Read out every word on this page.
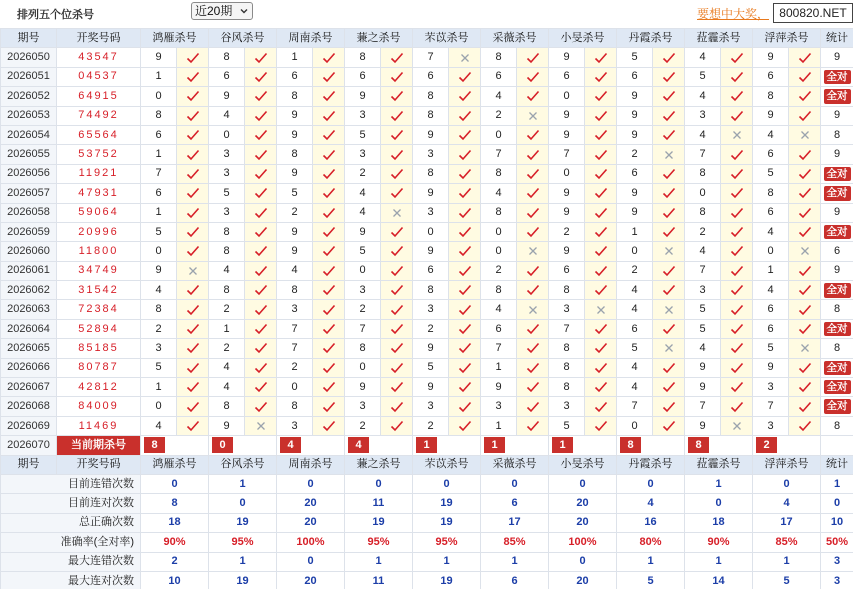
排列五个位杀号	近20期	要想中大奖， 800820.NET
期号	开奖号码	鸿雁杀号		谷风杀号		周南杀号		蒹之杀号		芣苡杀号		采薇杀号		小旻杀号		丹霞杀号		菈霾杀号		浮萍杀号		统计
2026050	43547	9		8		1		8		7		8		9		5		4		9		9
2026051	04537	1		6		6		6		6		6		6		6		5		6		全对
2026052	64915	0		9		8		9		8		4		0		9		4		8		全对
2026053	74492	8		4		9		3		8		2		9		9		3		9		9
2026054	65564	6		0		9		5		9		0		9		9		4		4		8
2026055	53752	1		3		8		3		3		7		7		2		7		6		9
2026056	11921	7		3		9		2		8		8		0		6		8		5		全对
2026057	47931	6		5		5		4		9		4		9		9		0		8		全对
2026058	59064	1		3		2		4		3		8		9		9		8		6		9
2026059	20996	5		8		9		9		0		0		2		1		2		4		全对
2026060	11800	0		8		9		5		9		0		9		0		4		0		6
2026061	34749	9		4		4		0		6		2		6		2		7		1		9
2026062	31542	4		8		8		3		8		8		8		4		3		4		全对
2026063	72384	8		2		3		2		3		4		3		4		5		6		8
2026064	52894	2		1		7		7		2		6		7		6		5		6		全对
2026065	85185	3		2		7		8		9		7		8		5		4		5		8
2026066	80787	5		4		2		0		5		1		8		4		9		9		全对
2026067	42812	1		4		0		9		9		9		8		4		9		3		全对
2026068	84009	0		8		8		3		3		3		3		7		7		7		全对
2026069	11469	4		9		3		2		2		1		5		0		9		3		8
2026070	当前期杀号	8		0		4		4		1		1		1		8		8		2		
期号	开奖号码	鸿雁杀号		谷风杀号		周南杀号		蒹之杀号		芣苡杀号		采薇杀号		小旻杀号		丹霞杀号		菈霾杀号		浮萍杀号		统计
目前连错次数		0		1		0		0		0		0		0		0		1		0		1
目前连对次数		8		0		20		11		19		6		20		4		0		4		0
总正确次数		18		19		20		19		19		17		20		16		18		17		10
准确率(全对率)		90%		95%		100%		95%		95%		85%		100%		80%		90%		85%		50%
最大连错次数		2		1		0		1		1		1		0		1		1		1		3
最大连对次数		10		19		20		11		19		6		20		5		14		5		3
